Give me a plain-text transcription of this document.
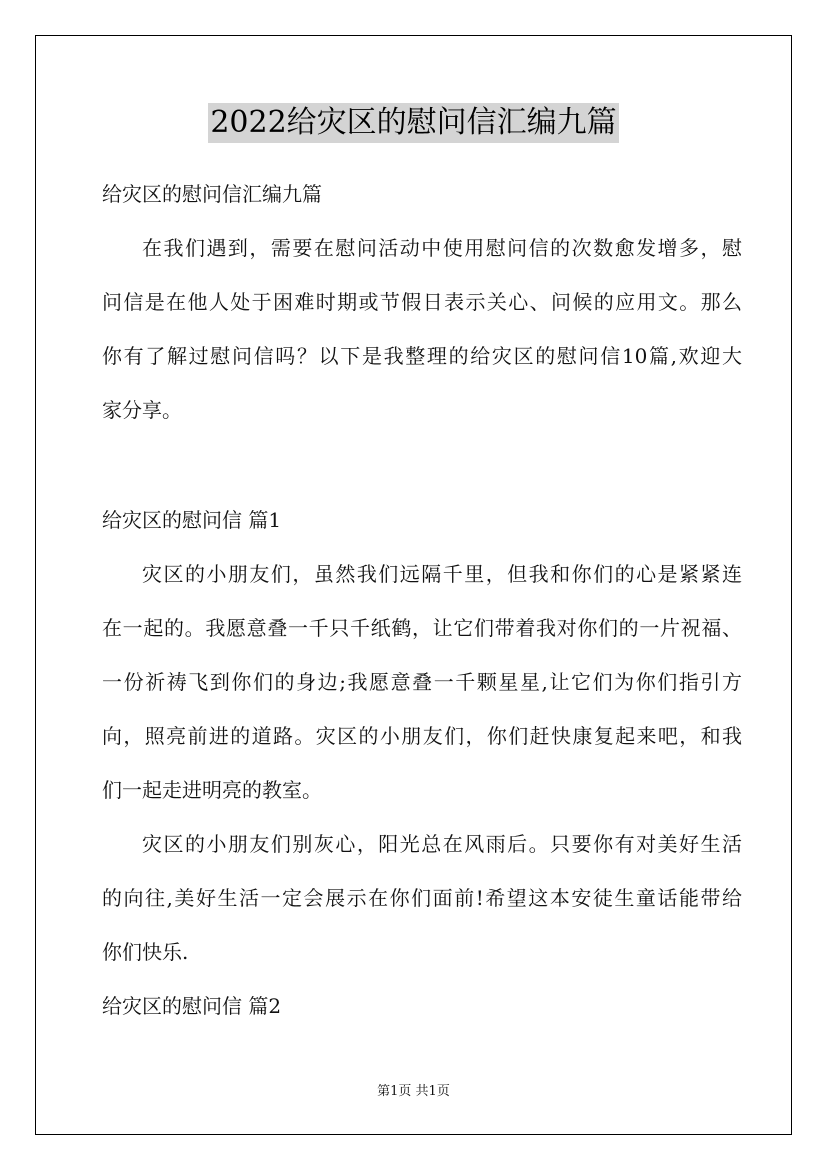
2022给灾区的慰问信汇编九篇
给灾区的慰问信汇编九篇
在我们遇到，需要在慰问活动中使用慰问信的次数愈发增多，慰
问信是在他人处于困难时期或节假日表示关心、问候的应用文。那么
你有了解过慰问信吗？以下是我整理的给灾区的慰问信10篇,欢迎大
家分享。
给灾区的慰问信 篇1
灾区的小朋友们，虽然我们远隔千里，但我和你们的心是紧紧连
在一起的。我愿意叠一千只千纸鹤，让它们带着我对你们的一片祝福、
一份祈祷飞到你们的身边;我愿意叠一千颗星星,让它们为你们指引方
向，照亮前进的道路。灾区的小朋友们，你们赶快康复起来吧，和我
们一起走进明亮的教室。
灾区的小朋友们别灰心，阳光总在风雨后。只要你有对美好生活
的向往,美好生活一定会展示在你们面前!希望这本安徒生童话能带给
你们快乐.
给灾区的慰问信 篇2
第1页 共1页
